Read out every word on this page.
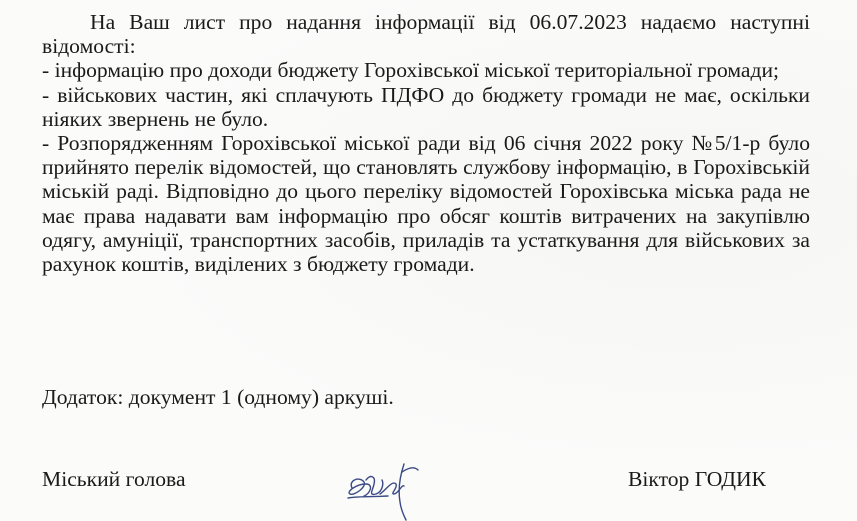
На Ваш лист про надання інформації від 06.07.2023 надаємо наступні відомості:

- інформацію про доходи бюджету Горохівської міської територіальної громади;

- військових частин, які сплачують ПДФО до бюджету громади не має, оскільки ніяких звернень не було.

- Розпорядженням Горохівської міської ради від 06 січня 2022 року №5/1-р було прийнято перелік відомостей, що становлять службову інформацію, в Горохівській міській раді. Відповідно до цього переліку відомостей Горохівська міська рада не має права надавати вам інформацію про обсяг коштів витрачених на закупівлю одягу, амуніції, транспортних засобів, приладів та устаткування для військових за рахунок коштів, виділених з бюджету громади.

Додаток: документ 1 (одному) аркуші.
Міський голова	Віктор ГОДИК
